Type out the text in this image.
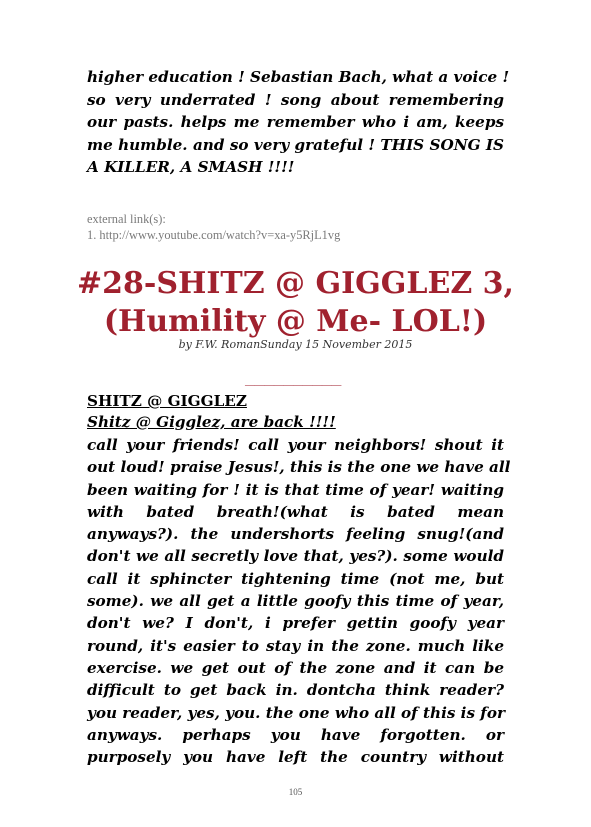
higher education ! Sebastian Bach, what a voice !
so very underrated ! song about remembering
our pasts. helps me remember who i am, keeps
me humble. and so very grateful ! THIS SONG IS
A KILLER, A SMASH !!!!
external link(s):
1. http://www.youtube.com/watch?v=xa-y5RjL1vg
#28-SHITZ @ GIGGLEZ 3,
(Humility @ Me- LOL!)
by F.W. RomanSunday 15 November 2015
——————————
SHITZ @ GIGGLEZ
Shitz @ Gigglez, are back !!!!
call your friends! call your neighbors! shout it
out loud! praise Jesus!, this is the one we have all
been waiting for ! it is that time of year! waiting
with bated breath!(what is bated mean
anyways?). the undershorts feeling snug!(and
don't we all secretly love that, yes?). some would
call it sphincter tightening time (not me, but
some). we all get a little goofy this time of year,
don't we? I don't, i prefer gettin goofy year
round, it's easier to stay in the zone. much like
exercise. we get out of the zone and it can be
difficult to get back in. dontcha think reader?
you reader, yes, you. the one who all of this is for
anyways. perhaps you have forgotten. or
purposely you have left the country without
105
